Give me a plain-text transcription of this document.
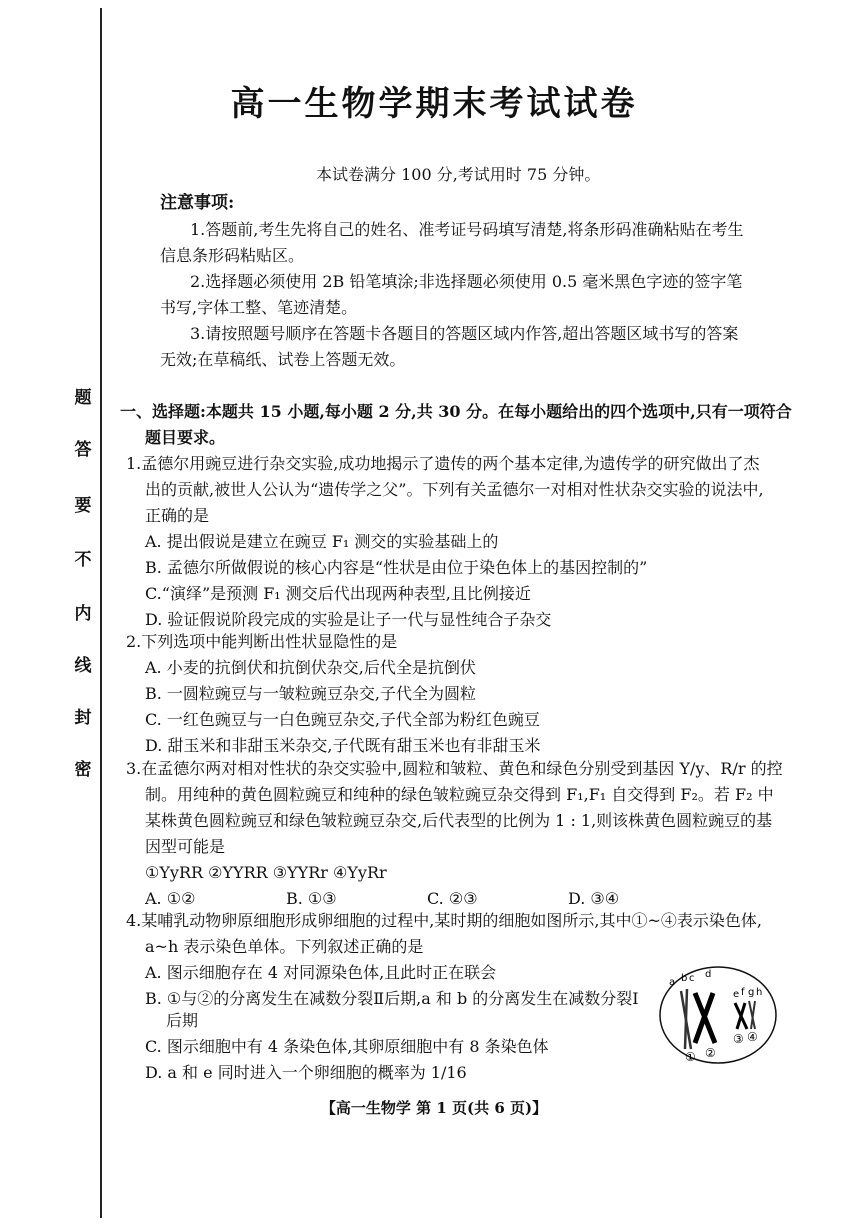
题
答
要
不
内
线
封
密
高一生物学期末考试试卷
本试卷满分 100 分,考试用时 75 分钟。
注意事项:
1.答题前,考生先将自己的姓名、准考证号码填写清楚,将条形码准确粘贴在考生
信息条形码粘贴区。
2.选择题必须使用 2B 铅笔填涂;非选择题必须使用 0.5 毫米黑色字迹的签字笔
书写,字体工整、笔迹清楚。
3.请按照题号顺序在答题卡各题目的答题区域内作答,超出答题区域书写的答案
无效;在草稿纸、试卷上答题无效。
一、选择题:本题共 15 小题,每小题 2 分,共 30 分。在每小题给出的四个选项中,只有一项符合
题目要求。
1.孟德尔用豌豆进行杂交实验,成功地揭示了遗传的两个基本定律,为遗传学的研究做出了杰
出的贡献,被世人公认为“遗传学之父”。下列有关孟德尔一对相对性状杂交实验的说法中,
正确的是
A. 提出假说是建立在豌豆 F₁ 测交的实验基础上的
B. 孟德尔所做假说的核心内容是“性状是由位于染色体上的基因控制的”
C.“演绎”是预测 F₁ 测交后代出现两种表型,且比例接近
D. 验证假说阶段完成的实验是让子一代与显性纯合子杂交
2.下列选项中能判断出性状显隐性的是
A. 小麦的抗倒伏和抗倒伏杂交,后代全是抗倒伏
B. 一圆粒豌豆与一皱粒豌豆杂交,子代全为圆粒
C. 一红色豌豆与一白色豌豆杂交,子代全部为粉红色豌豆
D. 甜玉米和非甜玉米杂交,子代既有甜玉米也有非甜玉米
3.在孟德尔两对相对性状的杂交实验中,圆粒和皱粒、黄色和绿色分别受到基因 Y/y、R/r 的控
制。用纯种的黄色圆粒豌豆和纯种的绿色皱粒豌豆杂交得到 F₁,F₁ 自交得到 F₂。若 F₂ 中
某株黄色圆粒豌豆和绿色皱粒豌豆杂交,后代表型的比例为 1 : 1,则该株黄色圆粒豌豆的基
因型可能是
①YyRR ②YYRR ③YYRr ④YyRr
A. ①②	B. ①③	C. ②③	D. ③④
4.某哺乳动物卵原细胞形成卵细胞的过程中,某时期的细胞如图所示,其中①~④表示染色体,
a~h 表示染色单体。下列叙述正确的是
A. 图示细胞存在 4 对同源染色体,且此时正在联会
B. ①与②的分离发生在减数分裂Ⅱ后期,a 和 b 的分离发生在减数分裂Ⅰ
后期
C. 图示细胞中有 4 条染色体,其卵原细胞中有 8 条染色体
D. a 和 e 同时进入一个卵细胞的概率为 1/16
a b c d
e f g h
① ②
③ ④
【高一生物学 第 1 页(共 6 页)】
